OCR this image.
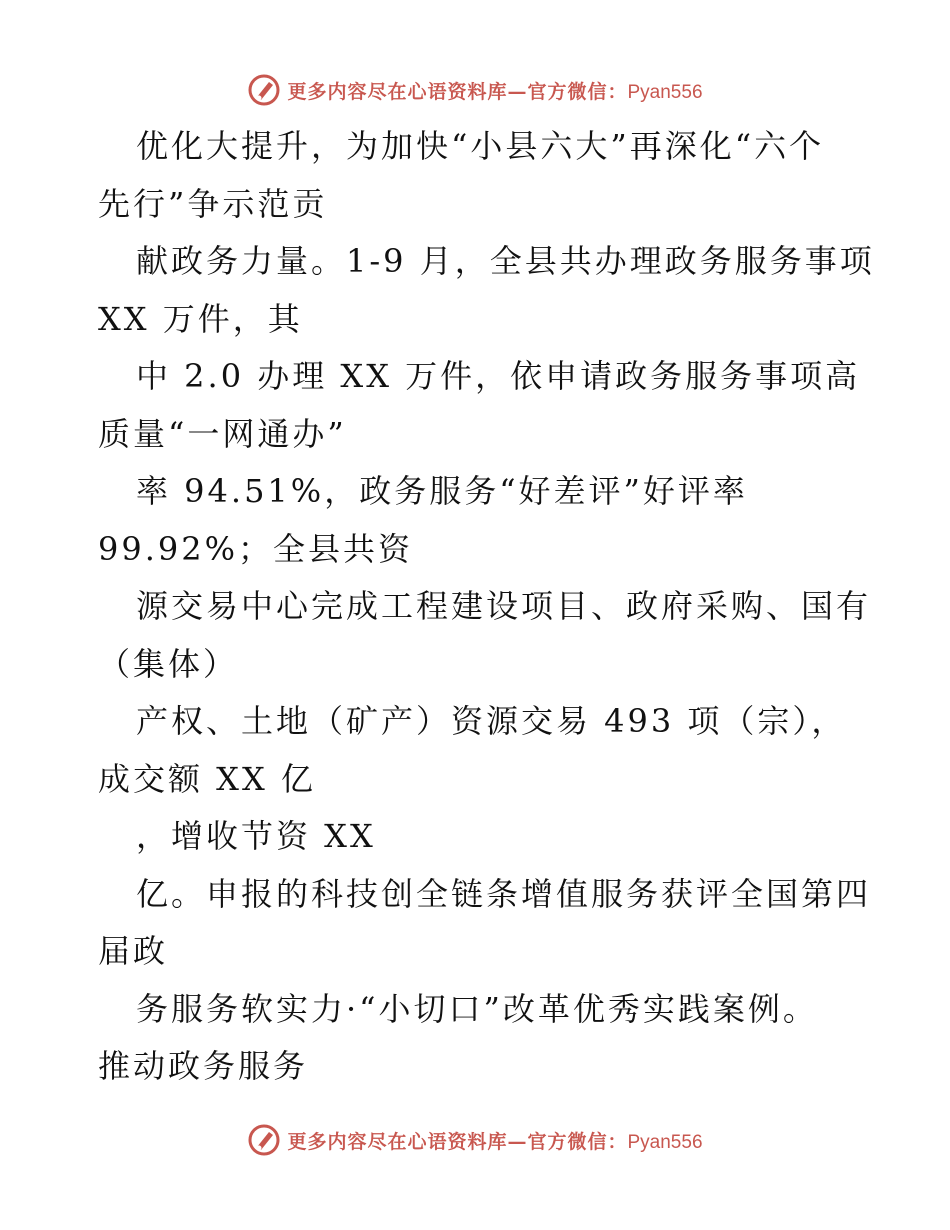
更多内容尽在心语资料库—官方微信：Pyan556
优化大提升，为加快“小县六大”再深化“六个
先行”争示范贡
献政务力量。1-9 月，全县共办理政务服务事项
XX 万件，其
中 2.0 办理 XX 万件，依申请政务服务事项高
质量“一网通办”
率 94.51%，政务服务“好差评”好评率
99.92%；全县共资
源交易中心完成工程建设项目、政府采购、国有
（集体）
产权、土地（矿产）资源交易 493 项（宗），
成交额 XX 亿
，增收节资 XX
亿。申报的科技创全链条增值服务获评全国第四
届政
务服务软实力·“小切口”改革优秀实践案例。
推动政务服务
更多内容尽在心语资料库—官方微信：Pyan556
